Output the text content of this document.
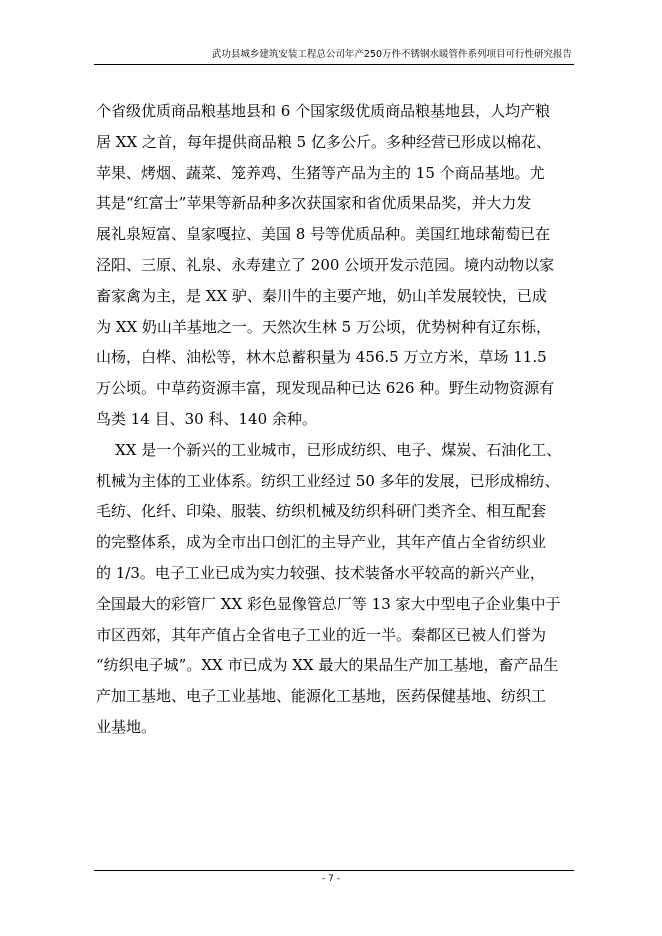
武功县城乡建筑安装工程总公司年产250万件不锈钢水暖管件系列项目可行性研究报告
个省级优质商品粮基地县和 6 个国家级优质商品粮基地县，人均产粮
居 XX 之首，每年提供商品粮 5 亿多公斤。多种经营已形成以棉花、
苹果、烤烟、蔬菜、笼养鸡、生猪等产品为主的 15 个商品基地。尤
其是“红富士”苹果等新品种多次获国家和省优质果品奖，并大力发
展礼泉短富、皇家嘎拉、美国 8 号等优质品种。美国红地球葡萄已在
泾阳、三原、礼泉、永寿建立了 200 公顷开发示范园。境内动物以家
畜家禽为主，是 XX 驴、秦川牛的主要产地，奶山羊发展较快，已成
为 XX 奶山羊基地之一。天然次生林 5 万公顷，优势树种有辽东栎，
山杨，白桦、油松等，林木总蓄积量为 456.5 万立方米，草场 11.5
万公顷。中草药资源丰富，现发现品种已达 626 种。野生动物资源有
鸟类 14 目、30 科、140 余种。
XX 是一个新兴的工业城市，已形成纺织、电子、煤炭、石油化工、
机械为主体的工业体系。纺织工业经过 50 多年的发展，已形成棉纺、
毛纺、化纤、印染、服装、纺织机械及纺织科研门类齐全、相互配套
的完整体系，成为全市出口创汇的主导产业，其年产值占全省纺织业
的 1/3。电子工业已成为实力较强、技术装备水平较高的新兴产业，
全国最大的彩管厂 XX 彩色显像管总厂等 13 家大中型电子企业集中于
市区西郊，其年产值占全省电子工业的近一半。秦都区已被人们誉为
“纺织电子城”。XX 市已成为 XX 最大的果品生产加工基地，畜产品生
产加工基地、电子工业基地、能源化工基地，医药保健基地、纺织工
业基地。
- 7 -
